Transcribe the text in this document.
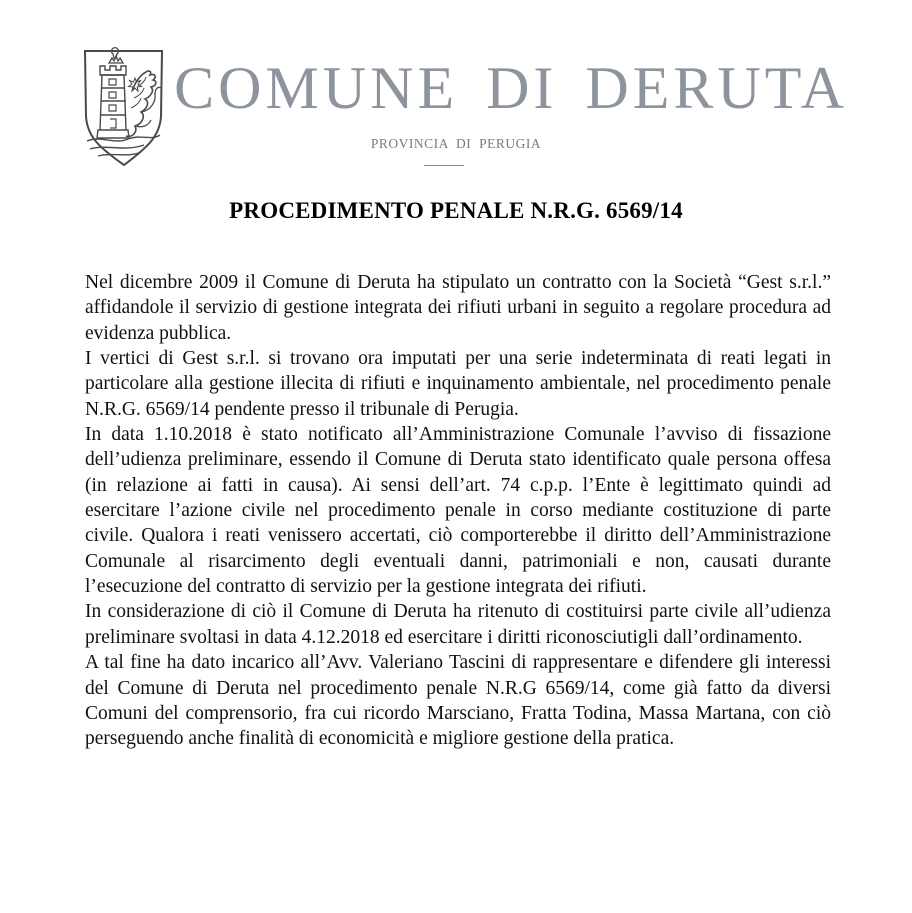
COMUNE DI DERUTA
PROVINCIA DI PERUGIA
PROCEDIMENTO PENALE N.R.G. 6569/14

Nel dicembre 2009 il Comune di Deruta ha stipulato un contratto con la Società “Gest s.r.l.” affidandole il servizio di gestione integrata dei rifiuti urbani in seguito a regolare procedura ad evidenza pubblica.

I vertici di Gest s.r.l. si trovano ora imputati per una serie indeterminata di reati legati in particolare alla gestione illecita di rifiuti e inquinamento ambientale, nel procedimento penale N.R.G. 6569/14 pendente presso il tribunale di Perugia.

In data 1.10.2018 è stato notificato all’Amministrazione Comunale l’avviso di fissazione dell’udienza preliminare, essendo il Comune di Deruta stato identificato quale persona offesa (in relazione ai fatti in causa). Ai sensi dell’art. 74 c.p.p. l’Ente è legittimato quindi ad esercitare l’azione civile nel procedimento penale in corso mediante costituzione di parte civile. Qualora i reati venissero accertati, ciò comporterebbe il diritto dell’Amministrazione Comunale al risarcimento degli eventuali danni, patrimoniali e non, causati durante l’esecuzione del contratto di servizio per la gestione integrata dei rifiuti.

In considerazione di ciò il Comune di Deruta ha ritenuto di costituirsi parte civile all’udienza preliminare svoltasi in data 4.12.2018 ed esercitare i diritti riconosciutigli dall’ordinamento.

A tal fine ha dato incarico all’Avv. Valeriano Tascini di rappresentare e difendere gli interessi del Comune di Deruta nel procedimento penale N.R.G 6569/14, come già fatto da diversi Comuni del comprensorio, fra cui ricordo Marsciano, Fratta Todina, Massa Martana, con ciò perseguendo anche finalità di economicità e migliore gestione della pratica.
